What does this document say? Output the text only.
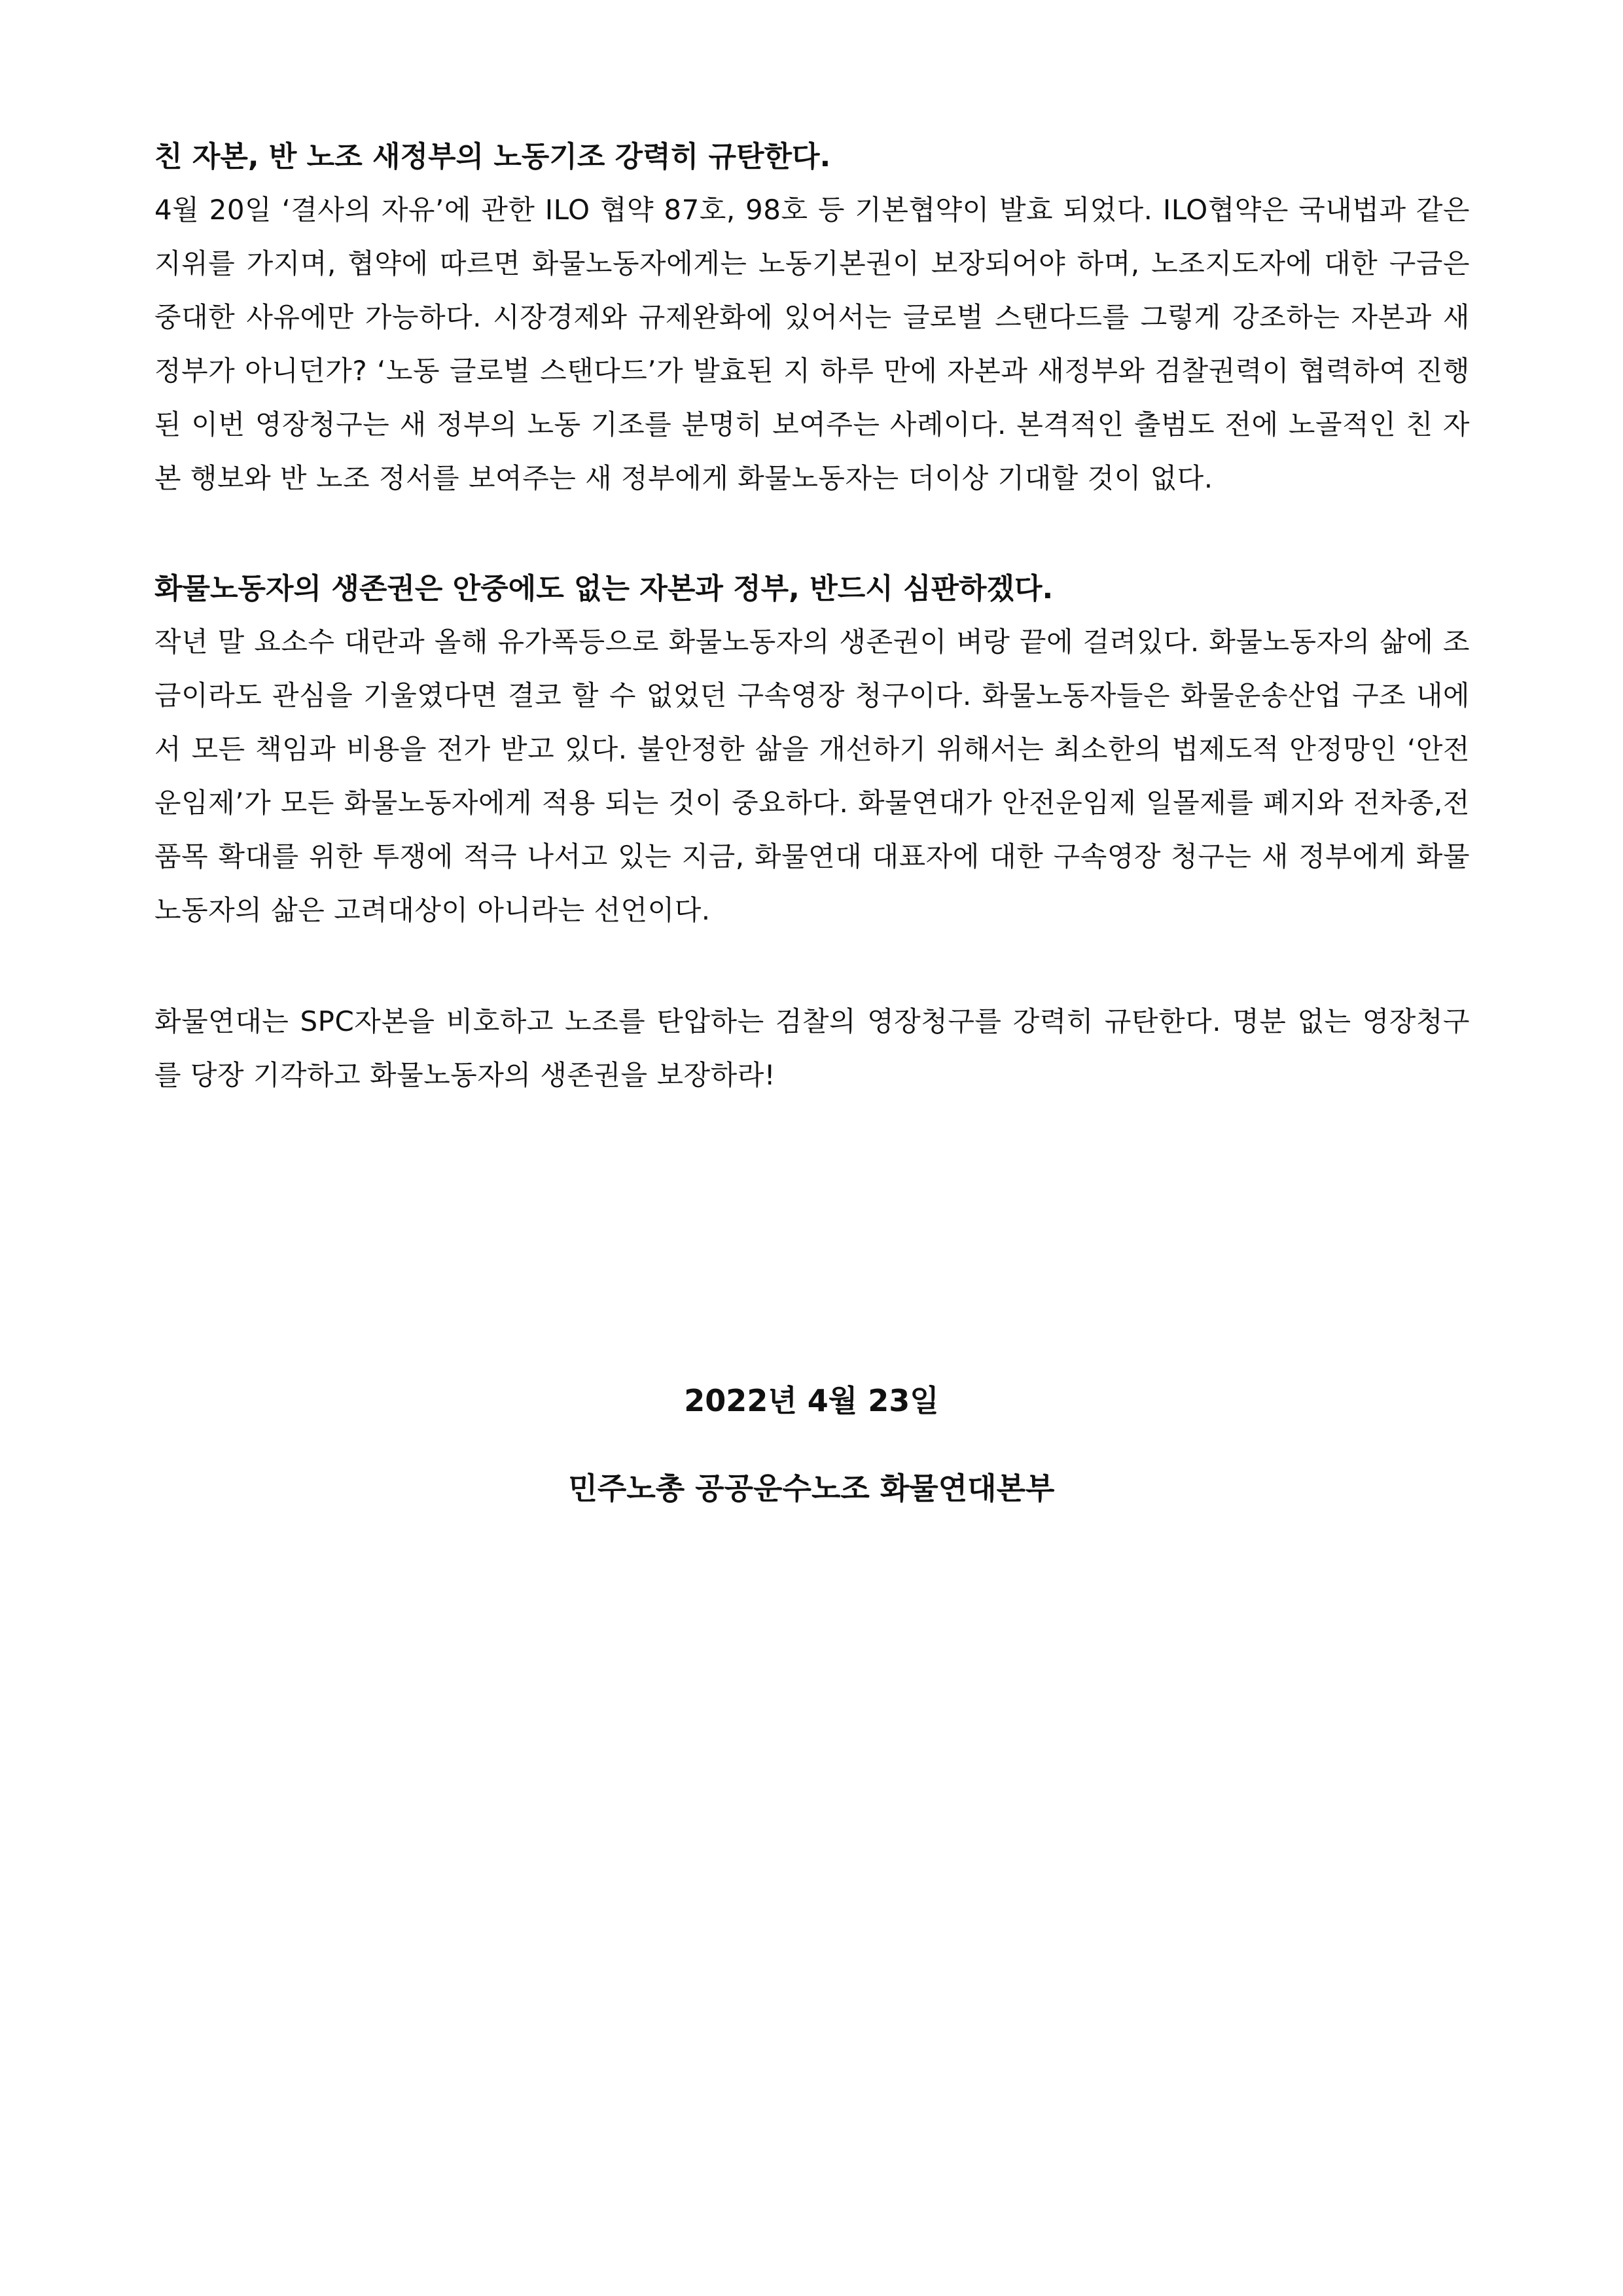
친 자본, 반 노조 새정부의 노동기조 강력히 규탄한다.

4월 20일 ‘결사의 자유’에 관한 ILO 협약 87호, 98호 등 기본협약이 발효 되었다. ILO협약은 국내법과 같은 지위를 가지며, 협약에 따르면 화물노동자에게는 노동기본권이 보장되어야 하며, 노조지도자에 대한 구금은 중대한 사유에만 가능하다. 시장경제와 규제완화에 있어서는 글로벌 스탠다드를 그렇게 강조하는 자본과 새정부가 아니던가? ‘노동 글로벌 스탠다드’가 발효된 지 하루 만에 자본과 새정부와 검찰권력이 협력하여 진행된 이번 영장청구는 새 정부의 노동 기조를 분명히 보여주는 사례이다. 본격적인 출범도 전에 노골적인 친 자본 행보와 반 노조 정서를 보여주는 새 정부에게 화물노동자는 더이상 기대할 것이 없다.

화물노동자의 생존권은 안중에도 없는 자본과 정부, 반드시 심판하겠다.

작년 말 요소수 대란과 올해 유가폭등으로 화물노동자의 생존권이 벼랑 끝에 걸려있다. 화물노동자의 삶에 조금이라도 관심을 기울였다면 결코 할 수 없었던 구속영장 청구이다. 화물노동자들은 화물운송산업 구조 내에서 모든 책임과 비용을 전가 받고 있다. 불안정한 삶을 개선하기 위해서는 최소한의 법제도적 안정망인 ‘안전운임제’가 모든 화물노동자에게 적용 되는 것이 중요하다. 화물연대가 안전운임제 일몰제를 폐지와 전차종,전품목 확대를 위한 투쟁에 적극 나서고 있는 지금, 화물연대 대표자에 대한 구속영장 청구는 새 정부에게 화물노동자의 삶은 고려대상이 아니라는 선언이다.

화물연대는 SPC자본을 비호하고 노조를 탄압하는 검찰의 영장청구를 강력히 규탄한다. 명분 없는 영장청구를 당장 기각하고 화물노동자의 생존권을 보장하라!

2022년 4월 23일

민주노총 공공운수노조 화물연대본부
